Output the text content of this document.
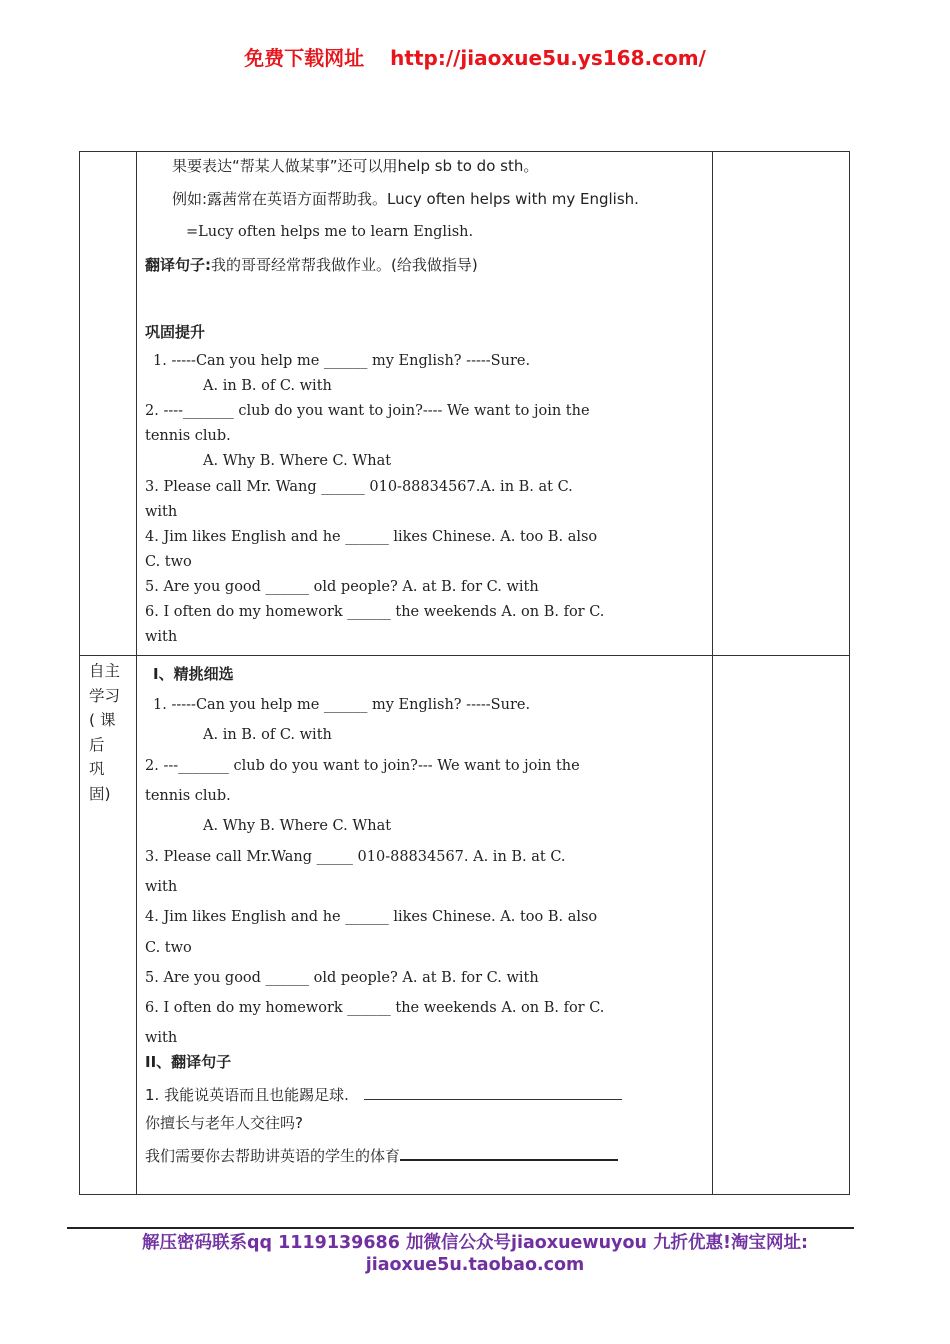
免费下载网址 http://jiaoxue5u.ys168.com/
果要表达“帮某人做某事”还可以用help sb to do sth。
例如:露茜常在英语方面帮助我。Lucy often helps with my English.
=Lucy often helps me to learn English.
翻译句子:我的哥哥经常帮我做作业。(给我做指导)
巩固提升
1. -----Can you help me ______ my English? -----Sure.
A. in B. of C. with
2. ----_______ club do you want to join?---- We want to join the
tennis club.
A. Why B. Where C. What
3. Please call Mr. Wang ______ 010-88834567.A. in B. at C.
with
4. Jim likes English and he ______ likes Chinese. A. too B. also
C. two
5. Are you good ______ old people? A. at B. for C. with
6. I often do my homework ______ the weekends A. on B. for C.
with
自主
学习
( 课
后
巩
固)
I、精挑细选
1. -----Can you help me ______ my English? -----Sure.
A. in B. of C. with
2. ---_______ club do you want to join?--- We want to join the
tennis club.
A. Why B. Where C. What
3. Please call Mr.Wang _____ 010-88834567. A. in B. at C.
with
4. Jim likes English and he ______ likes Chinese. A. too B. also
C. two
5. Are you good ______ old people? A. at B. for C. with
6. I often do my homework ______ the weekends A. on B. for C.
with
II、翻译句子
1. 我能说英语而且也能踢足球.
你擅长与老年人交往吗?
我们需要你去帮助讲英语的学生的体育
解压密码联系qq 1119139686 加微信公众号jiaoxuewuyou 九折优惠!淘宝网址:
jiaoxue5u.taobao.com
